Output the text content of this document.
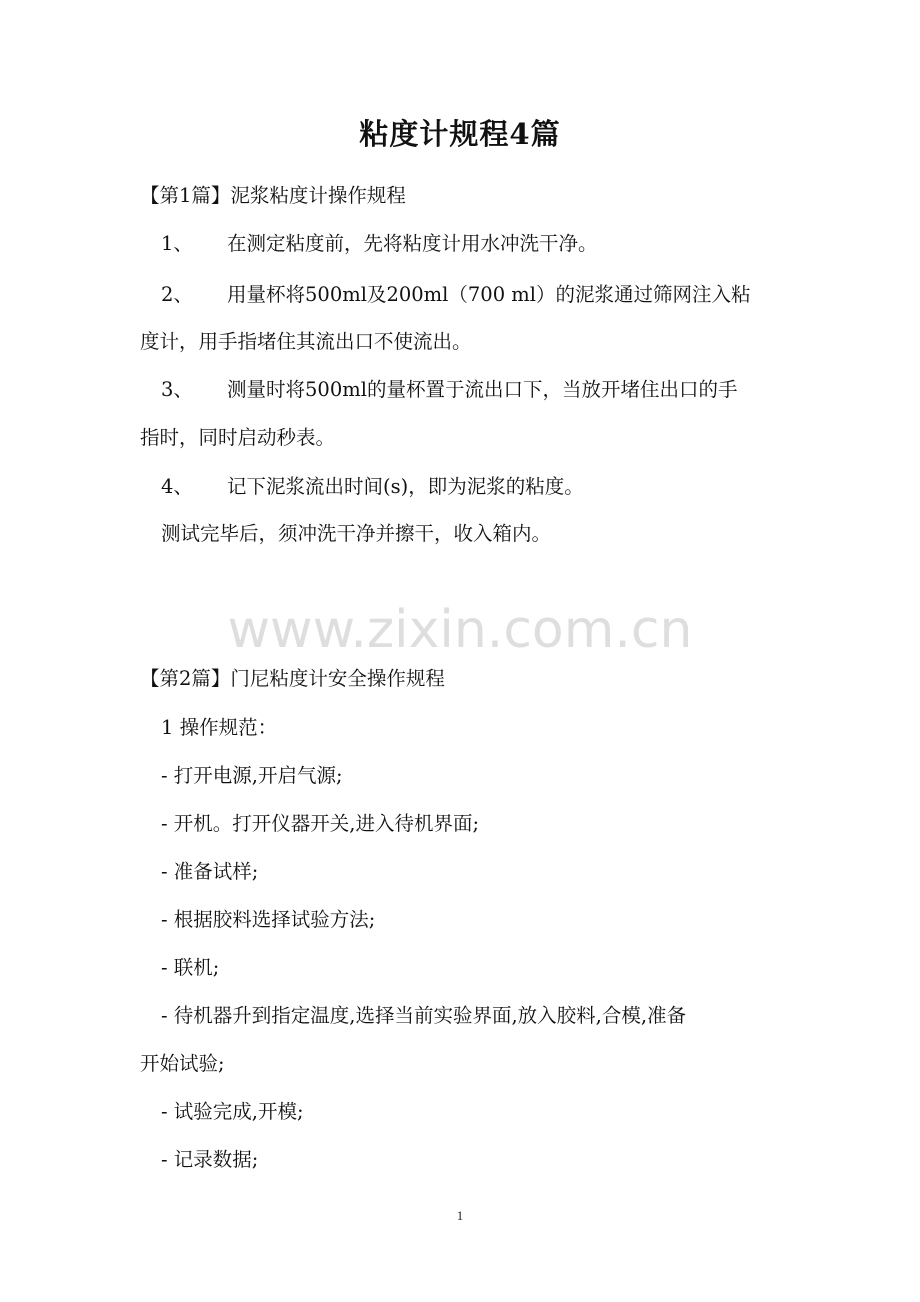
粘度计规程4篇
【第1篇】泥浆粘度计操作规程
1、 在测定粘度前，先将粘度计用水冲洗干净。
2、 用量杯将500ml及200ml（700 ml）的泥浆通过筛网注入粘
度计，用手指堵住其流出口不使流出。
3、 测量时将500ml的量杯置于流出口下，当放开堵住出口的手
指时，同时启动秒表。
4、 记下泥浆流出时间(s)，即为泥浆的粘度。
测试完毕后，须冲洗干净并擦干，收入箱内。
www.zixin.com.cn
【第2篇】门尼粘度计安全操作规程
1 操作规范：
- 打开电源,开启气源;
- 开机。打开仪器开关,进入待机界面;
- 准备试样;
- 根据胶料选择试验方法;
- 联机;
- 待机器升到指定温度,选择当前实验界面,放入胶料,合模,准备
开始试验;
- 试验完成,开模;
- 记录数据;
1
